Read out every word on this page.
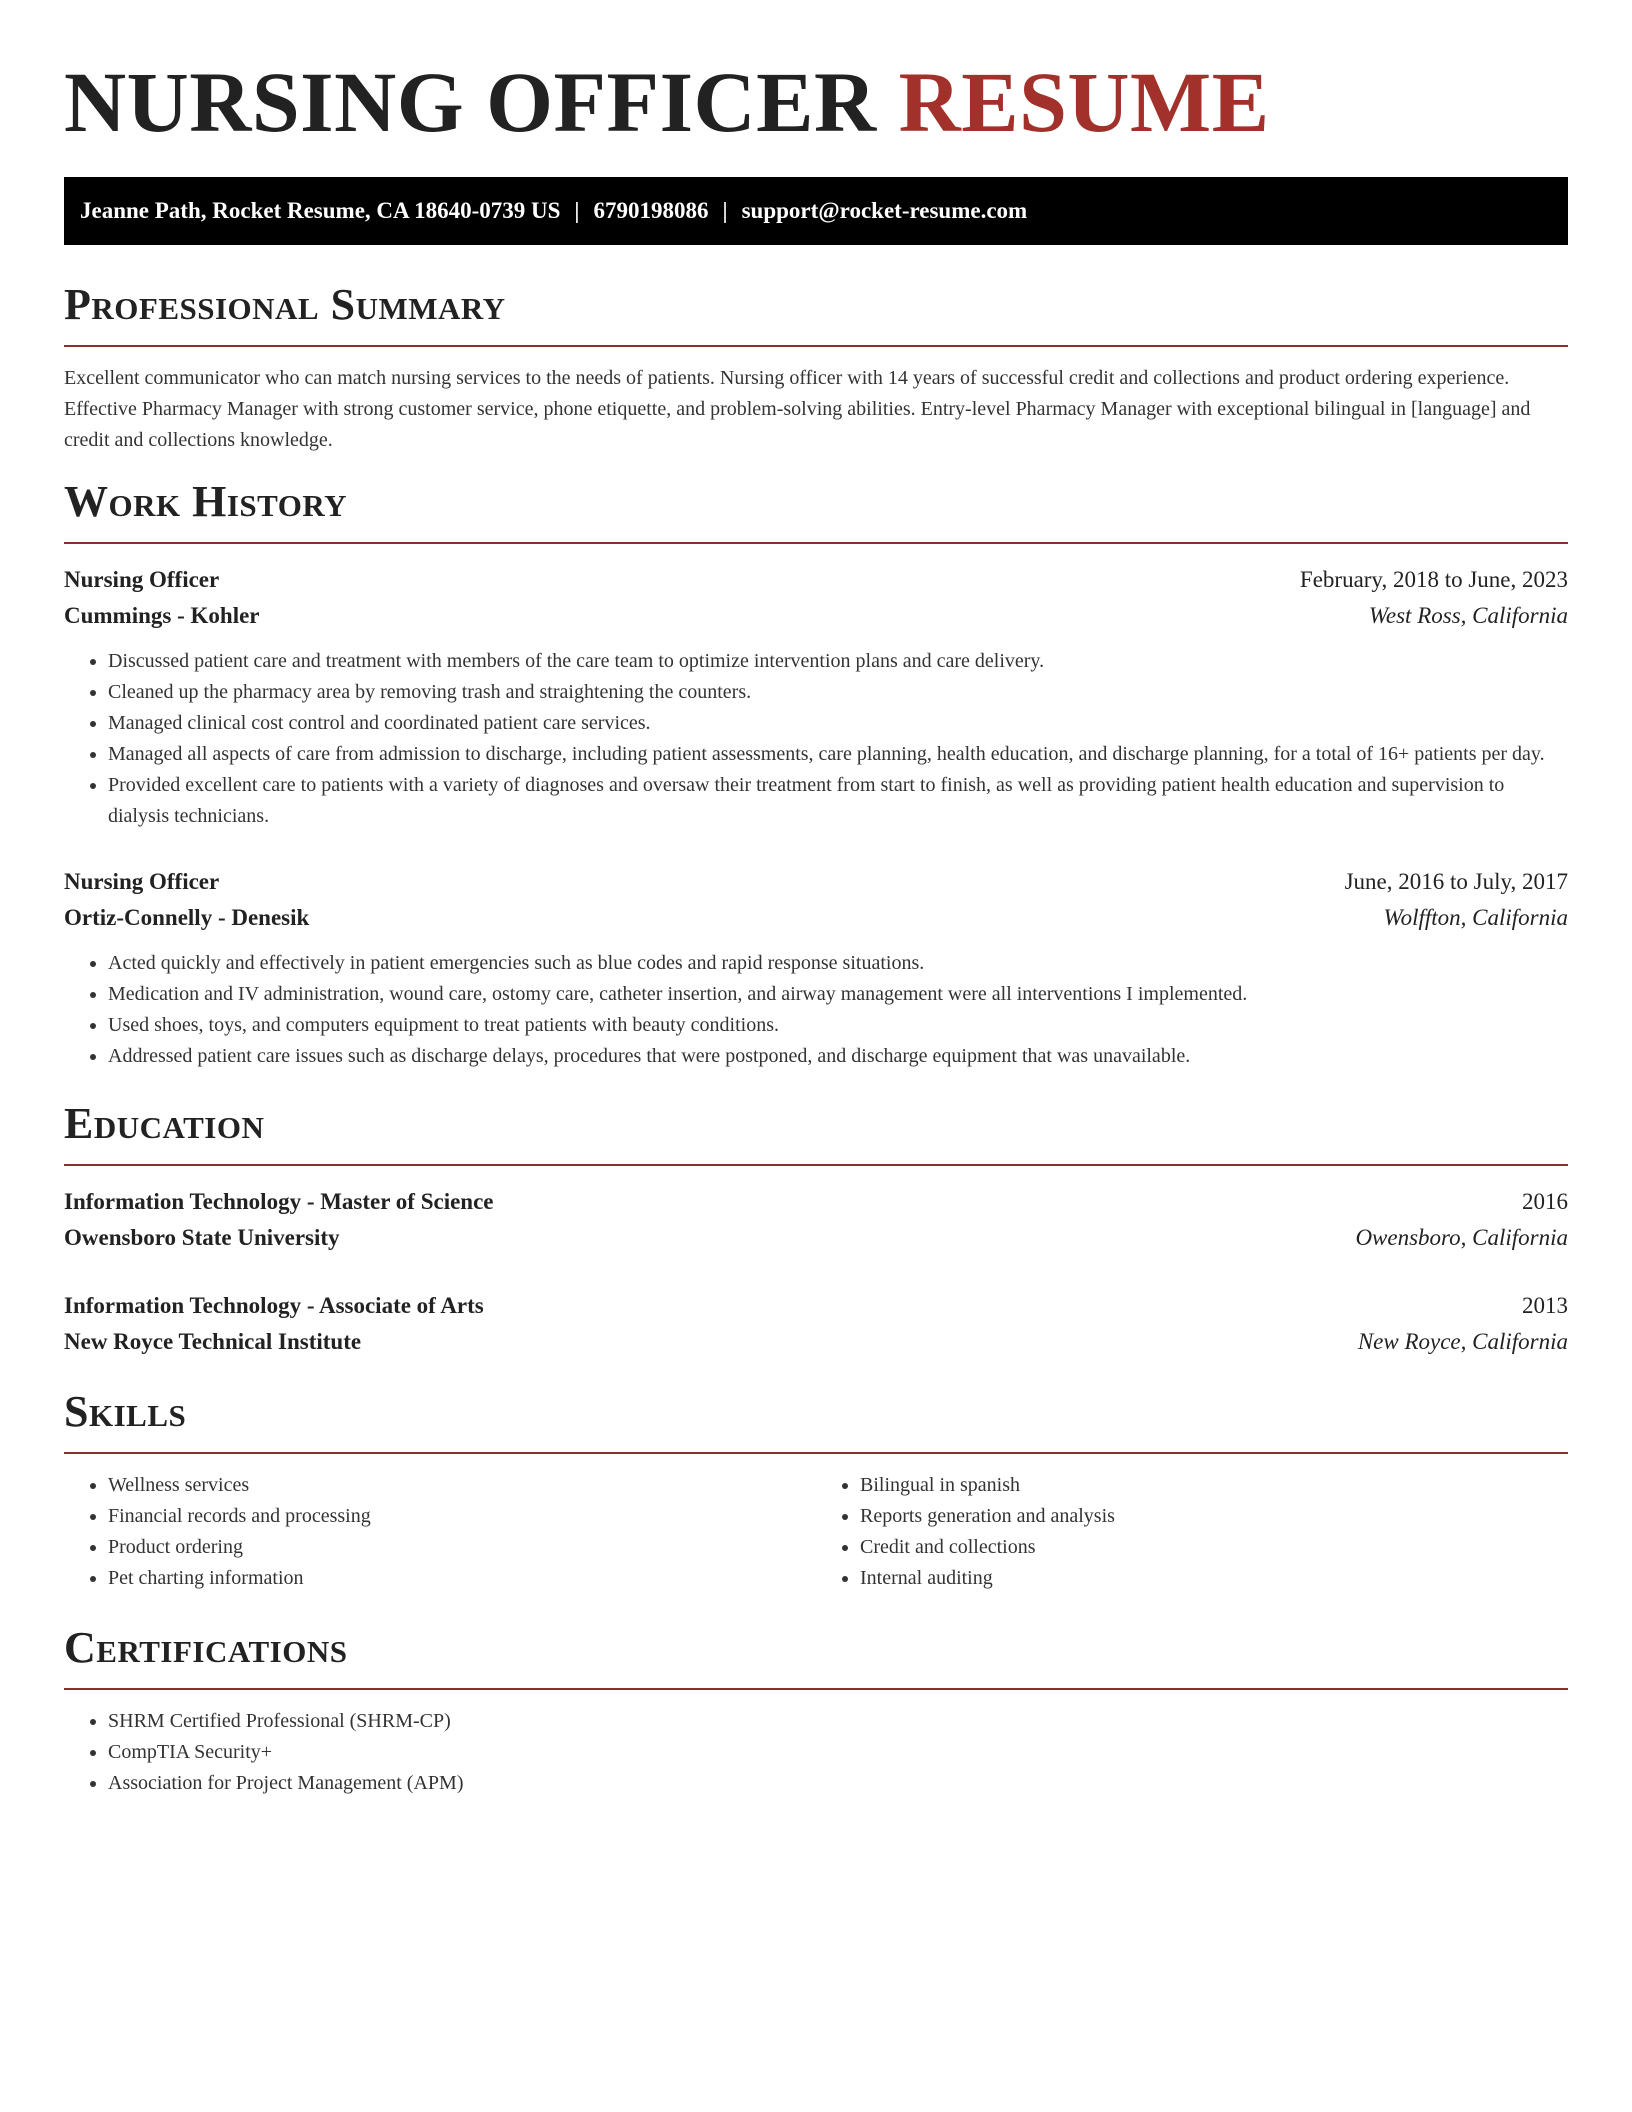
NURSING OFFICER RESUME
Jeanne Path, Rocket Resume, CA 18640-0739 US | 6790198086 | support@rocket-resume.com
Professional Summary

Excellent communicator who can match nursing services to the needs of patients. Nursing officer with 14 years of successful credit and collections and product ordering experience. Effective Pharmacy Manager with strong customer service, phone etiquette, and problem-solving abilities. Entry-level Pharmacy Manager with exceptional bilingual in [language] and credit and collections knowledge.

Work History
Nursing Officer	February, 2018 to June, 2023
Cummings - Kohler	West Ross, California
• Discussed patient care and treatment with members of the care team to optimize intervention plans and care delivery.
• Cleaned up the pharmacy area by removing trash and straightening the counters.
• Managed clinical cost control and coordinated patient care services.
• Managed all aspects of care from admission to discharge, including patient assessments, care planning, health education, and discharge planning, for a total of 16+ patients per day.
• Provided excellent care to patients with a variety of diagnoses and oversaw their treatment from start to finish, as well as providing patient health education and supervision to dialysis technicians.
Nursing Officer	June, 2016 to July, 2017
Ortiz-Connelly - Denesik	Wolffton, California
• Acted quickly and effectively in patient emergencies such as blue codes and rapid response situations.
• Medication and IV administration, wound care, ostomy care, catheter insertion, and airway management were all interventions I implemented.
• Used shoes, toys, and computers equipment to treat patients with beauty conditions.
• Addressed patient care issues such as discharge delays, procedures that were postponed, and discharge equipment that was unavailable.
Education
Information Technology - Master of Science	2016
Owensboro State University	Owensboro, California
Information Technology - Associate of Arts	2013
New Royce Technical Institute	New Royce, California
Skills
• Wellness services
• Financial records and processing
• Product ordering
• Pet charting information
• Bilingual in spanish
• Reports generation and analysis
• Credit and collections
• Internal auditing
Certifications
• SHRM Certified Professional (SHRM-CP)
• CompTIA Security+
• Association for Project Management (APM)
